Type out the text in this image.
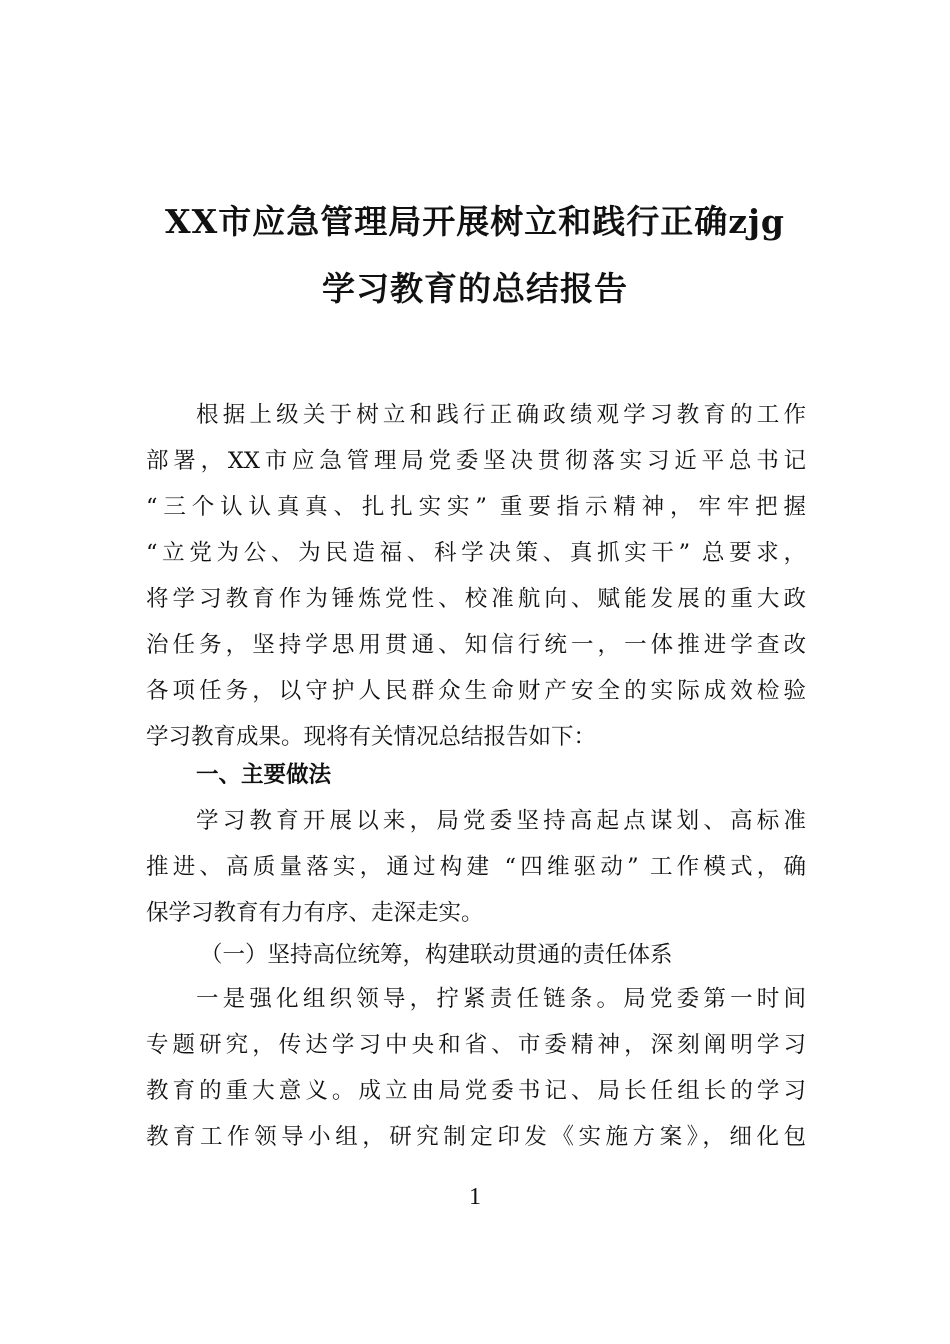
XX市应急管理局开展树立和践行正确zjg
学习教育的总结报告
根据上级关于树立和践行正确政绩观学习教育的工作
部署，XX市应急管理局党委坚决贯彻落实习近平总书记
“三个认认真真、扎扎实实” 重要指示精神，牢牢把握
“立党为公、为民造福、科学决策、真抓实干” 总要求，
将学习教育作为锤炼党性、校准航向、赋能发展的重大政
治任务，坚持学思用贯通、知信行统一，一体推进学查改
各项任务，以守护人民群众生命财产安全的实际成效检验
学习教育成果。现将有关情况总结报告如下：
一、主要做法
学习教育开展以来，局党委坚持高起点谋划、高标准
推进、高质量落实，通过构建 “四维驱动” 工作模式，确
保学习教育有力有序、走深走实。
（一）坚持高位统筹，构建联动贯通的责任体系
一是强化组织领导，拧紧责任链条。局党委第一时间
专题研究，传达学习中央和省、市委精神，深刻阐明学习
教育的重大意义。成立由局党委书记、局长任组长的学习
教育工作领导小组，研究制定印发《实施方案》，细化包
1
